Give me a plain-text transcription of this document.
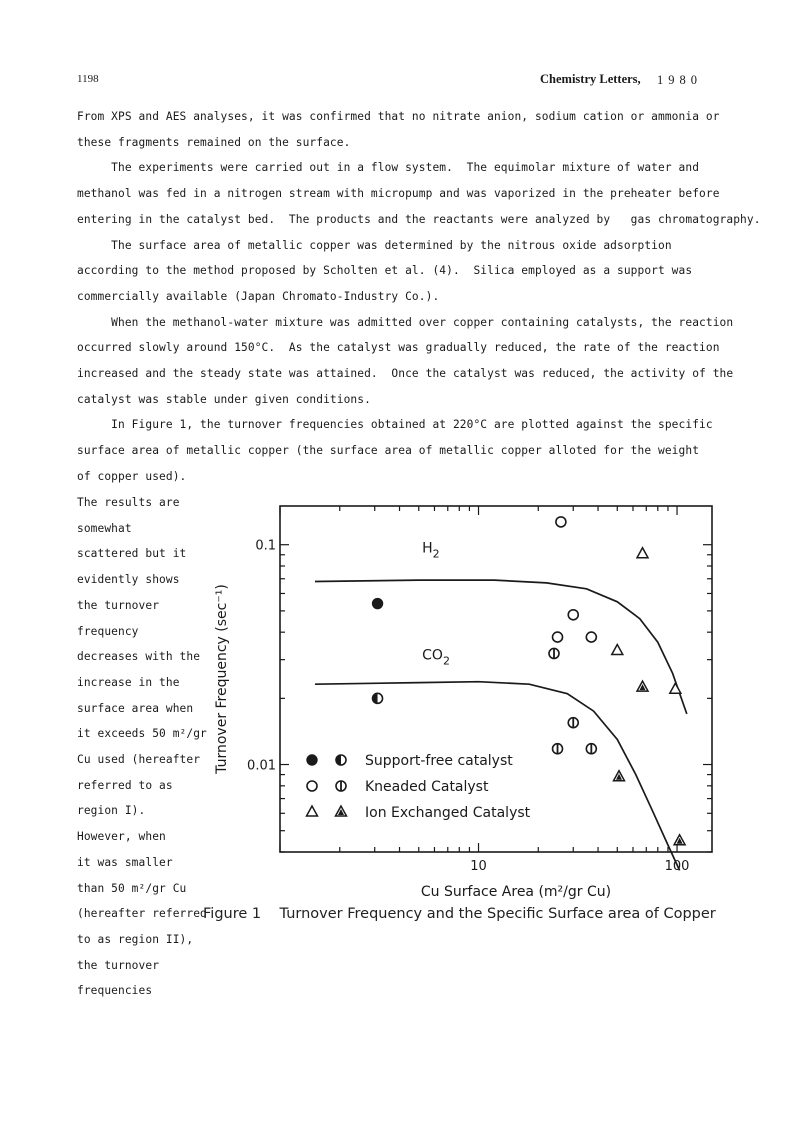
1198	Chemistry Letters, 1980
From XPS and AES analyses, it was confirmed that no nitrate anion, sodium cation or ammonia or
these fragments remained on the surface.
The experiments were carried out in a flow system.  The equimolar mixture of water and
methanol was fed in a nitrogen stream with micropump and was vaporized in the preheater before
entering in the catalyst bed.  The products and the reactants were analyzed by   gas chromatography.
The surface area of metallic copper was determined by the nitrous oxide adsorption
according to the method proposed by Scholten et al. (4).  Silica employed as a support was
commercially available (Japan Chromato-Industry Co.).
When the methanol-water mixture was admitted over copper containing catalysts, the reaction
occurred slowly around 150°C.  As the catalyst was gradually reduced, the rate of the reaction
increased and the steady state was attained.  Once the catalyst was reduced, the activity of the
catalyst was stable under given conditions.
In Figure 1, the turnover frequencies obtained at 220°C are plotted against the specific
surface area of metallic copper (the surface area of metallic copper alloted for the weight
of copper used).
The results are
somewhat
scattered but it
evidently shows
the turnover
frequency
decreases with the
increase in the
surface area when
it exceeds 50 m²/gr
Cu used (hereafter
referred to as
region I).
However, when
it was smaller
than 50 m²/gr Cu
(hereafter referred
to as region II),
the turnover
frequencies
10	100
0.1
0.01
Cu Surface Area (m²/gr Cu)
Turnover Frequency (sec⁻¹)
$H_2$
$CO_2$
Support-free catalyst
Kneaded Catalyst
Ion Exchanged Catalyst
Figure 1    Turnover Frequency and the Specific Surface area of Copper
